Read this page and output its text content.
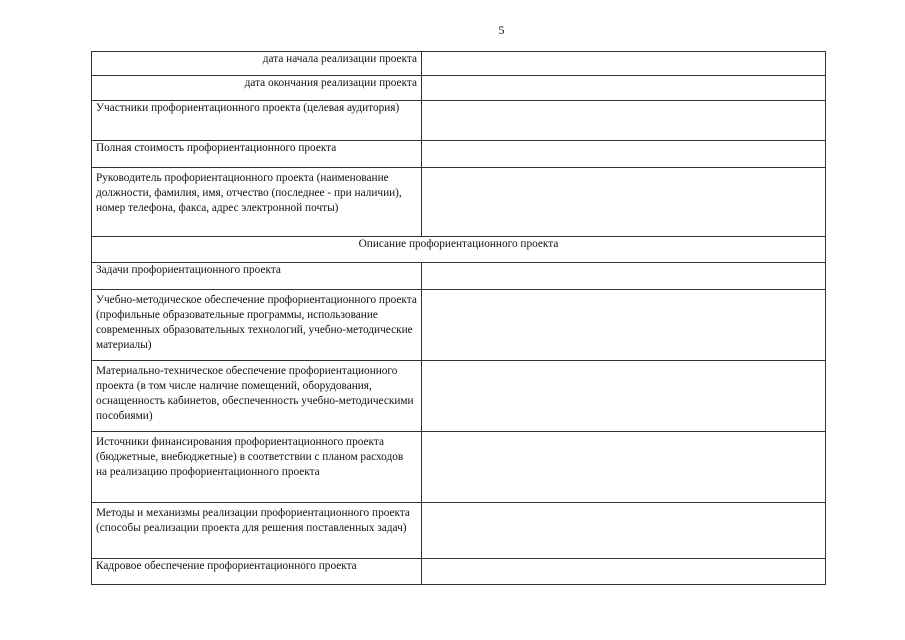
5
дата начала реализации проекта	
дата окончания реализации проекта	
Участники профориентационного проекта (целевая аудитория)	
Полная стоимость профориентационного проекта	
Руководитель профориентационного проекта (наименование должности, фамилия, имя, отчество (последнее - при наличии), номер телефона, факса, адрес электронной почты)	
Описание профориентационного проекта	
Задачи профориентационного проекта	
Учебно-методическое обеспечение профориентационного проекта (профильные образовательные программы, использование современных образовательных технологий, учебно-методические материалы)	
Материально-техническое обеспечение профориентационного проекта (в том числе наличие помещений, оборудования, оснащенность кабинетов, обеспеченность учебно-методическими пособиями)	
Источники финансирования профориентационного проекта (бюджетные, внебюджетные) в соответствии с планом расходов на реализацию профориентационного проекта	
Методы и механизмы реализации профориентационного проекта (способы реализации проекта для решения поставленных задач)	
Кадровое обеспечение профориентационного проекта	
